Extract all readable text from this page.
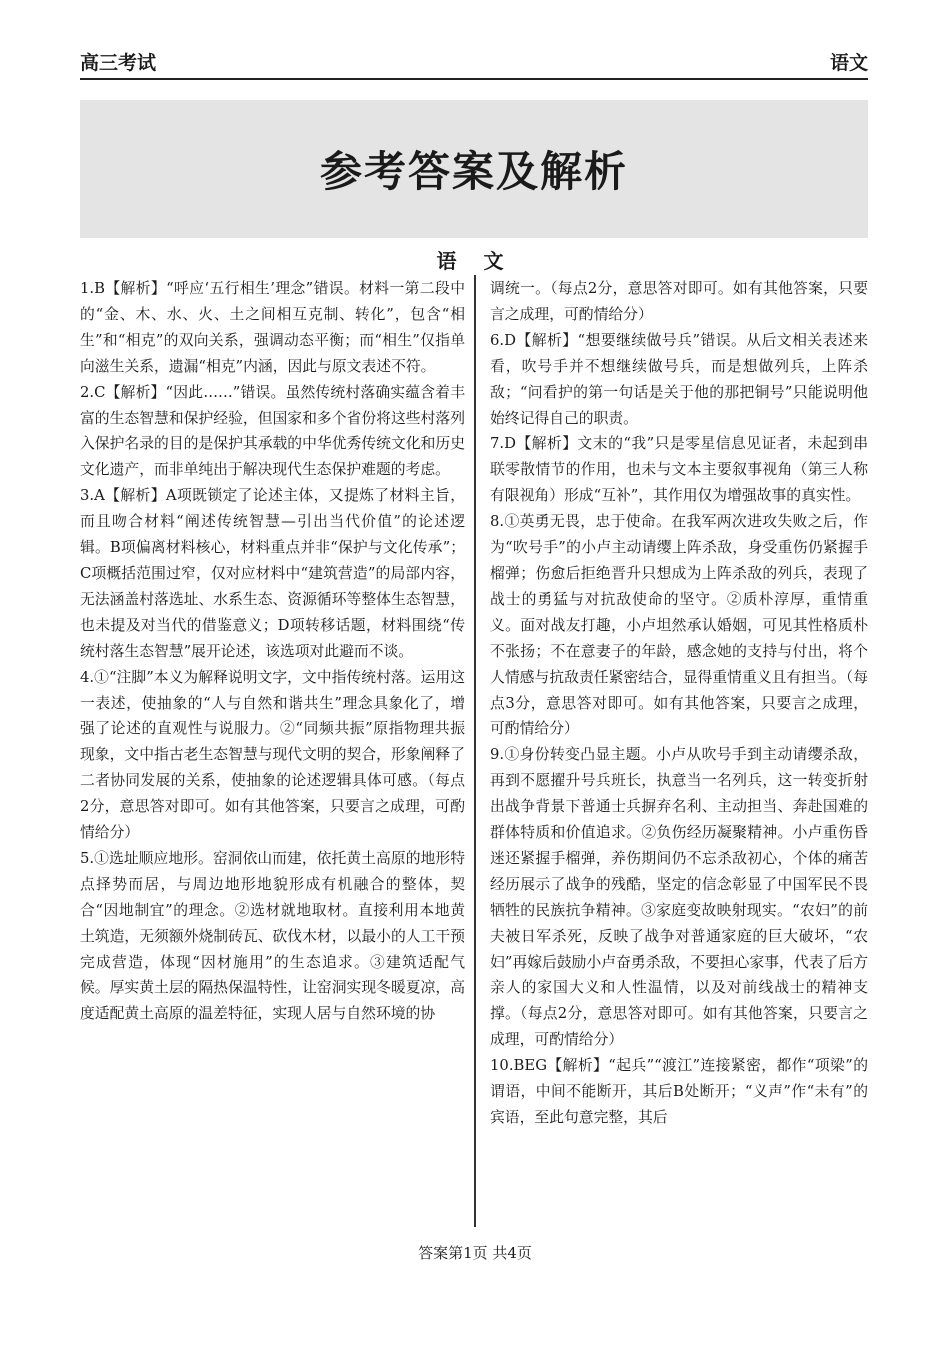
高三考试	语文
参考答案及解析
语 文

1.B【解析】“呼应‘五行相生’理念”错误。材料一第二段中的“金、木、水、火、土之间相互克制、转化”，包含“相生”和“相克”的双向关系，强调动态平衡；而“相生”仅指单向滋生关系，遗漏“相克”内涵，因此与原文表述不符。

2.C【解析】“因此……”错误。虽然传统村落确实蕴含着丰富的生态智慧和保护经验，但国家和多个省份将这些村落列入保护名录的目的是保护其承载的中华优秀传统文化和历史文化遗产，而非单纯出于解决现代生态保护难题的考虑。

3.A【解析】A项既锁定了论述主体，又提炼了材料主旨，而且吻合材料“阐述传统智慧—引出当代价值”的论述逻辑。B项偏离材料核心，材料重点并非“保护与文化传承”；C项概括范围过窄，仅对应材料中“建筑营造”的局部内容，无法涵盖村落选址、水系生态、资源循环等整体生态智慧，也未提及对当代的借鉴意义；D项转移话题，材料围绕“传统村落生态智慧”展开论述，该选项对此避而不谈。

4.①“注脚”本义为解释说明文字，文中指传统村落。运用这一表述，使抽象的“人与自然和谐共生”理念具象化了，增强了论述的直观性与说服力。②“同频共振”原指物理共振现象，文中指古老生态智慧与现代文明的契合，形象阐释了二者协同发展的关系，使抽象的论述逻辑具体可感。（每点2分，意思答对即可。如有其他答案，只要言之成理，可酌情给分）

5.①选址顺应地形。窑洞依山而建，依托黄土高原的地形特点择势而居，与周边地形地貌形成有机融合的整体，契合“因地制宜”的理念。②选材就地取材。直接利用本地黄土筑造，无须额外烧制砖瓦、砍伐木材，以最小的人工干预完成营造，体现“因材施用”的生态追求。③建筑适配气候。厚实黄土层的隔热保温特性，让窑洞实现冬暖夏凉，高度适配黄土高原的温差特征，实现人居与自然环境的协

调统一。（每点2分，意思答对即可。如有其他答案，只要言之成理，可酌情给分）

6.D【解析】“想要继续做号兵”错误。从后文相关表述来看，吹号手并不想继续做号兵，而是想做列兵，上阵杀敌；“问看护的第一句话是关于他的那把铜号”只能说明他始终记得自己的职责。

7.D【解析】文末的“我”只是零星信息见证者，未起到串联零散情节的作用，也未与文本主要叙事视角（第三人称有限视角）形成“互补”，其作用仅为增强故事的真实性。

8.①英勇无畏，忠于使命。在我军两次进攻失败之后，作为“吹号手”的小卢主动请缨上阵杀敌，身受重伤仍紧握手榴弹；伤愈后拒绝晋升只想成为上阵杀敌的列兵，表现了战士的勇猛与对抗敌使命的坚守。②质朴淳厚，重情重义。面对战友打趣，小卢坦然承认婚姻，可见其性格质朴不张扬；不在意妻子的年龄，感念她的支持与付出，将个人情感与抗敌责任紧密结合，显得重情重义且有担当。（每点3分，意思答对即可。如有其他答案，只要言之成理，可酌情给分）

9.①身份转变凸显主题。小卢从吹号手到主动请缨杀敌，再到不愿擢升号兵班长，执意当一名列兵，这一转变折射出战争背景下普通士兵摒弃名利、主动担当、奔赴国难的群体特质和价值追求。②负伤经历凝聚精神。小卢重伤昏迷还紧握手榴弹，养伤期间仍不忘杀敌初心，个体的痛苦经历展示了战争的残酷，坚定的信念彰显了中国军民不畏牺牲的民族抗争精神。③家庭变故映射现实。“农妇”的前夫被日军杀死，反映了战争对普通家庭的巨大破坏，“农妇”再嫁后鼓励小卢奋勇杀敌，不要担心家事，代表了后方亲人的家国大义和人性温情，以及对前线战士的精神支撑。（每点2分，意思答对即可。如有其他答案，只要言之成理，可酌情给分）

10.BEG【解析】“起兵”“渡江”连接紧密，都作“项梁”的谓语，中间不能断开，其后B处断开；“义声”作“未有”的宾语，至此句意完整，其后

答案第1页 共4页
